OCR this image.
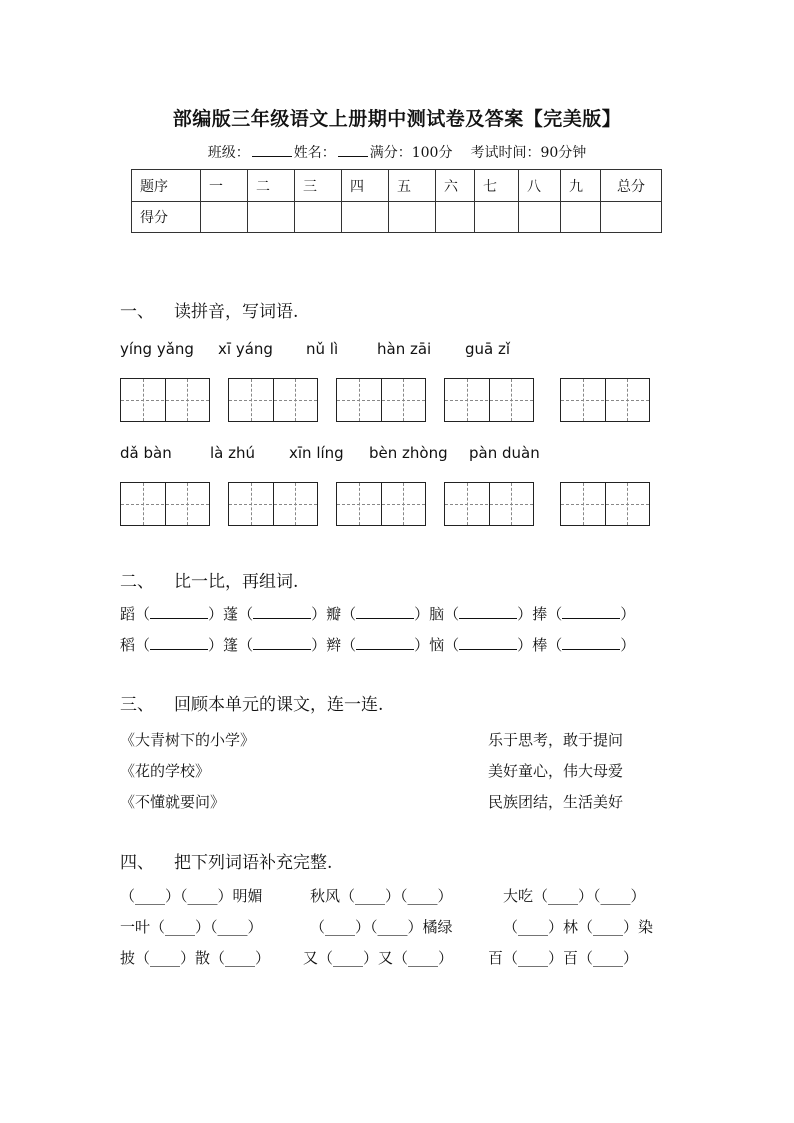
部编版三年级语文上册期中测试卷及答案【完美版】
班级：	姓名： 满分：100分 考试时间：90分钟
题序	一	二	三	四	五	六	七	八	九	总分
得分										
一、 读拼音，写词语.
yíng yǎng xī yáng nǔ lì	hàn zāi guā zǐ
dǎ bàn	là zhú xīn líng bèn zhòng pàn duàn
二、 比一比，再组词.
蹈（	）蓬（	）瓣（	）脑（	）捧（	）
稻（	）篷（	）辫（	）恼（	）棒（	）
三、 回顾本单元的课文，连一连.
《大青树下的小学》
《花的学校》
《不懂就要问》
乐于思考，敢于提问
美好童心，伟大母爱
民族团结，生活美好
四、 把下列词语补充完整.
（____）（____）明媚	秋风（____）（____）	大吃（____）（____）
一叶（____）（____）	（____）（____）橘绿	（____）林（____）染
披（____）散（____） 又（____）又（____） 百（____）百（____）
